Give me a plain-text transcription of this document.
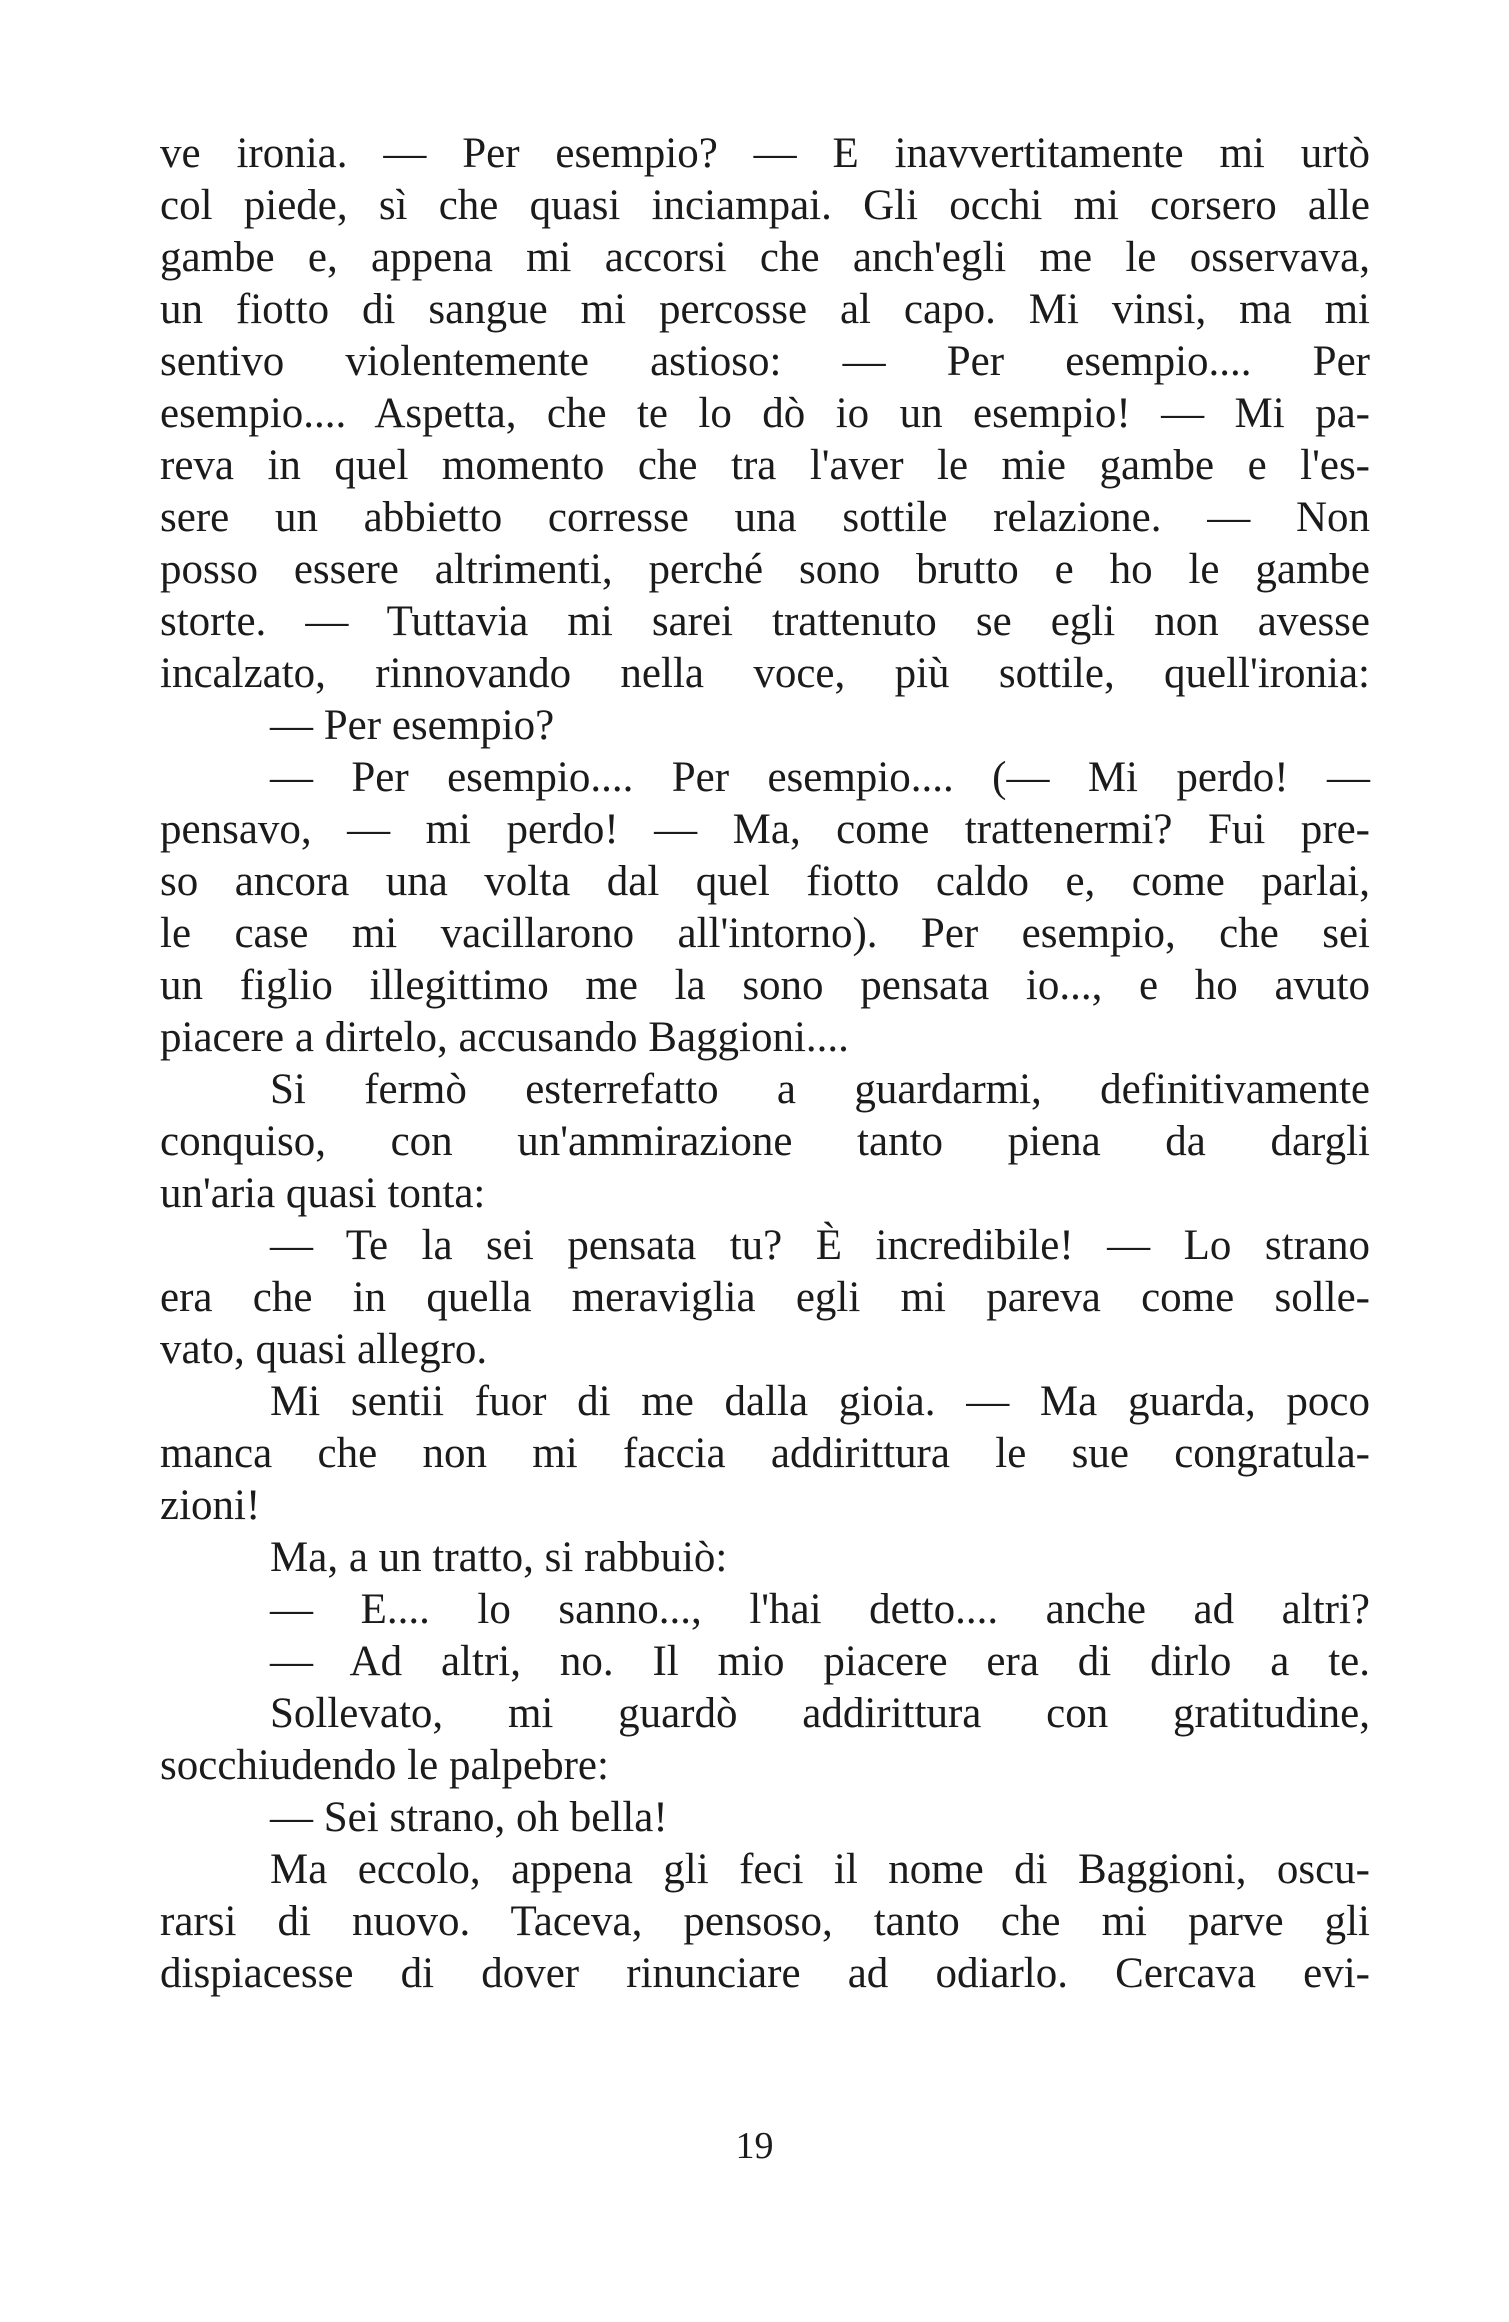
ve ironia. — Per esempio? — E inavvertitamente mi urtò
col piede, sì che quasi inciampai. Gli occhi mi corsero alle
gambe e, appena mi accorsi che anch'egli me le osservava,
un fiotto di sangue mi percosse al capo. Mi vinsi, ma mi
sentivo violentemente astioso: — Per esempio.... Per
esempio.... Aspetta, che te lo dò io un esempio! — Mi pa-
reva in quel momento che tra l'aver le mie gambe e l'es-
sere un abbietto corresse una sottile relazione. — Non
posso essere altrimenti, perché sono brutto e ho le gambe
storte. — Tuttavia mi sarei trattenuto se egli non avesse
incalzato, rinnovando nella voce, più sottile, quell'ironia:
— Per esempio?
— Per esempio.... Per esempio.... (— Mi perdo! —
pensavo, — mi perdo! — Ma, come trattenermi? Fui pre-
so ancora una volta dal quel fiotto caldo e, come parlai,
le case mi vacillarono all'intorno). Per esempio, che sei
un figlio illegittimo me la sono pensata io..., e ho avuto
piacere a dirtelo, accusando Baggioni....
Si fermò esterrefatto a guardarmi, definitivamente
conquiso, con un'ammirazione tanto piena da dargli
un'aria quasi tonta:
— Te la sei pensata tu? È incredibile! — Lo strano
era che in quella meraviglia egli mi pareva come solle-
vato, quasi allegro.
Mi sentii fuor di me dalla gioia. — Ma guarda, poco
manca che non mi faccia addirittura le sue congratula-
zioni!
Ma, a un tratto, si rabbuiò:
— E.... lo sanno..., l'hai detto.... anche ad altri?
— Ad altri, no. Il mio piacere era di dirlo a te.
Sollevato, mi guardò addirittura con gratitudine,
socchiudendo le palpebre:
— Sei strano, oh bella!
Ma eccolo, appena gli feci il nome di Baggioni, oscu-
rarsi di nuovo. Taceva, pensoso, tanto che mi parve gli
dispiacesse di dover rinunciare ad odiarlo. Cercava evi-
19
